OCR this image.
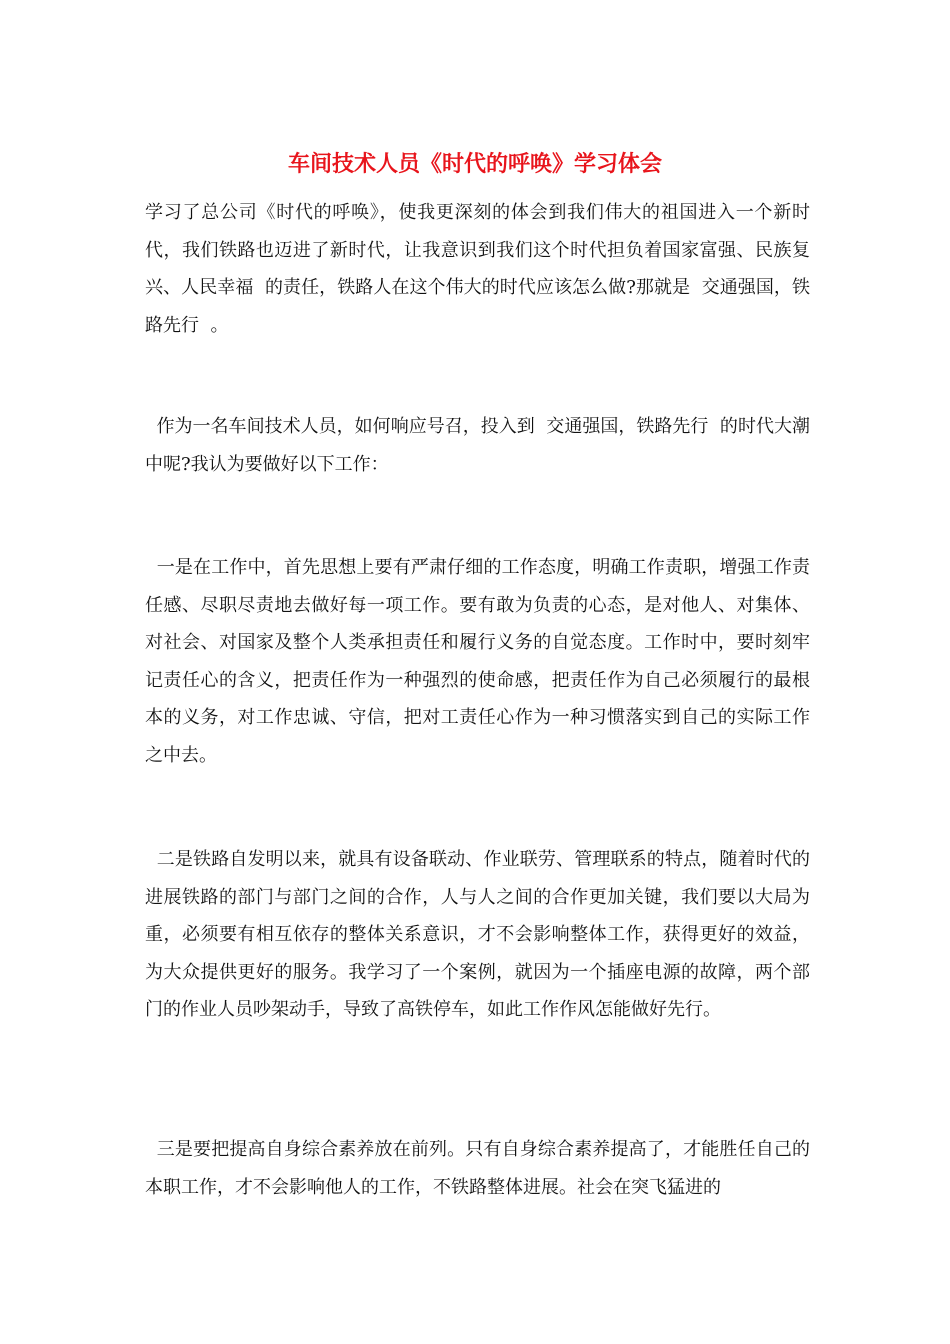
车间技术人员《时代的呼唤》学习体会

学习了总公司《时代的呼唤》，使我更深刻的体会到我们伟大的祖国进入一个新时代，我们铁路也迈进了新时代，让我意识到我们这个时代担负着国家富强、民族复兴、人民幸福  的责任，铁路人在这个伟大的时代应该怎么做?那就是  交通强国，铁路先行  。

作为一名车间技术人员，如何响应号召，投入到  交通强国，铁路先行  的时代大潮中呢?我认为要做好以下工作：

一是在工作中，首先思想上要有严肃仔细的工作态度，明确工作责职，增强工作责任感、尽职尽责地去做好每一项工作。要有敢为负责的心态，是对他人、对集体、对社会、对国家及整个人类承担责任和履行义务的自觉态度。工作时中，要时刻牢记责任心的含义，把责任作为一种强烈的使命感，把责任作为自己必须履行的最根本的义务，对工作忠诚、守信，把对工责任心作为一种习惯落实到自己的实际工作之中去。

二是铁路自发明以来，就具有设备联动、作业联劳、管理联系的特点，随着时代的进展铁路的部门与部门之间的合作，人与人之间的合作更加关键，我们要以大局为重，必须要有相互依存的整体关系意识，才不会影响整体工作，获得更好的效益，为大众提供更好的服务。我学习了一个案例，就因为一个插座电源的故障，两个部门的作业人员吵架动手，导致了高铁停车，如此工作作风怎能做好先行。

三是要把提高自身综合素养放在前列。只有自身综合素养提高了，才能胜任自己的本职工作，才不会影响他人的工作，不铁路整体进展。社会在突飞猛进的
